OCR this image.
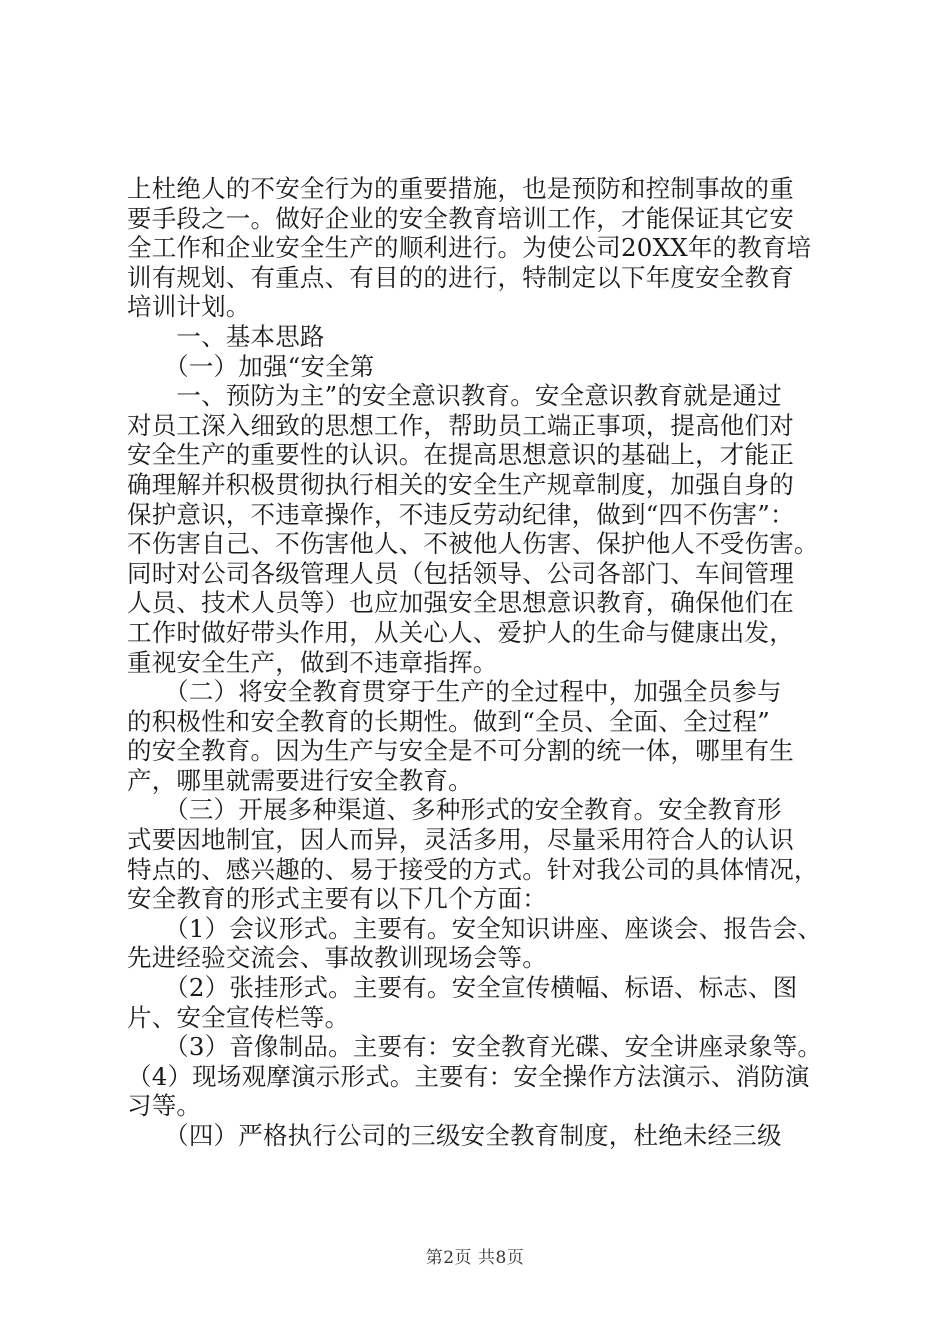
上杜绝人的不安全行为的重要措施，也是预防和控制事故的重
要手段之一。做好企业的安全教育培训工作，才能保证其它安
全工作和企业安全生产的顺利进行。为使公司20XX年的教育培
训有规划、有重点、有目的的进行，特制定以下年度安全教育
培训计划。
　　一、基本思路
　　（一）加强“安全第
　　一、预防为主”的安全意识教育。安全意识教育就是通过
对员工深入细致的思想工作，帮助员工端正事项，提高他们对
安全生产的重要性的认识。在提高思想意识的基础上，才能正
确理解并积极贯彻执行相关的安全生产规章制度，加强自身的
保护意识，不违章操作，不违反劳动纪律，做到“四不伤害”：
不伤害自己、不伤害他人、不被他人伤害、保护他人不受伤害。
同时对公司各级管理人员（包括领导、公司各部门、车间管理
人员、技术人员等）也应加强安全思想意识教育，确保他们在
工作时做好带头作用，从关心人、爱护人的生命与健康出发，
重视安全生产，做到不违章指挥。
　　（二）将安全教育贯穿于生产的全过程中，加强全员参与
的积极性和安全教育的长期性。做到“全员、全面、全过程”
的安全教育。因为生产与安全是不可分割的统一体，哪里有生
产，哪里就需要进行安全教育。
　　（三）开展多种渠道、多种形式的安全教育。安全教育形
式要因地制宜，因人而异，灵活多用，尽量采用符合人的认识
特点的、感兴趣的、易于接受的方式。针对我公司的具体情况，
安全教育的形式主要有以下几个方面：
　　（1）会议形式。主要有。安全知识讲座、座谈会、报告会、
先进经验交流会、事故教训现场会等。
　　（2）张挂形式。主要有。安全宣传横幅、标语、标志、图
片、安全宣传栏等。
　　（3）音像制品。主要有：安全教育光碟、安全讲座录象等。
（4）现场观摩演示形式。主要有：安全操作方法演示、消防演
习等。
　　（四）严格执行公司的三级安全教育制度，杜绝未经三级
第2页 共8页
